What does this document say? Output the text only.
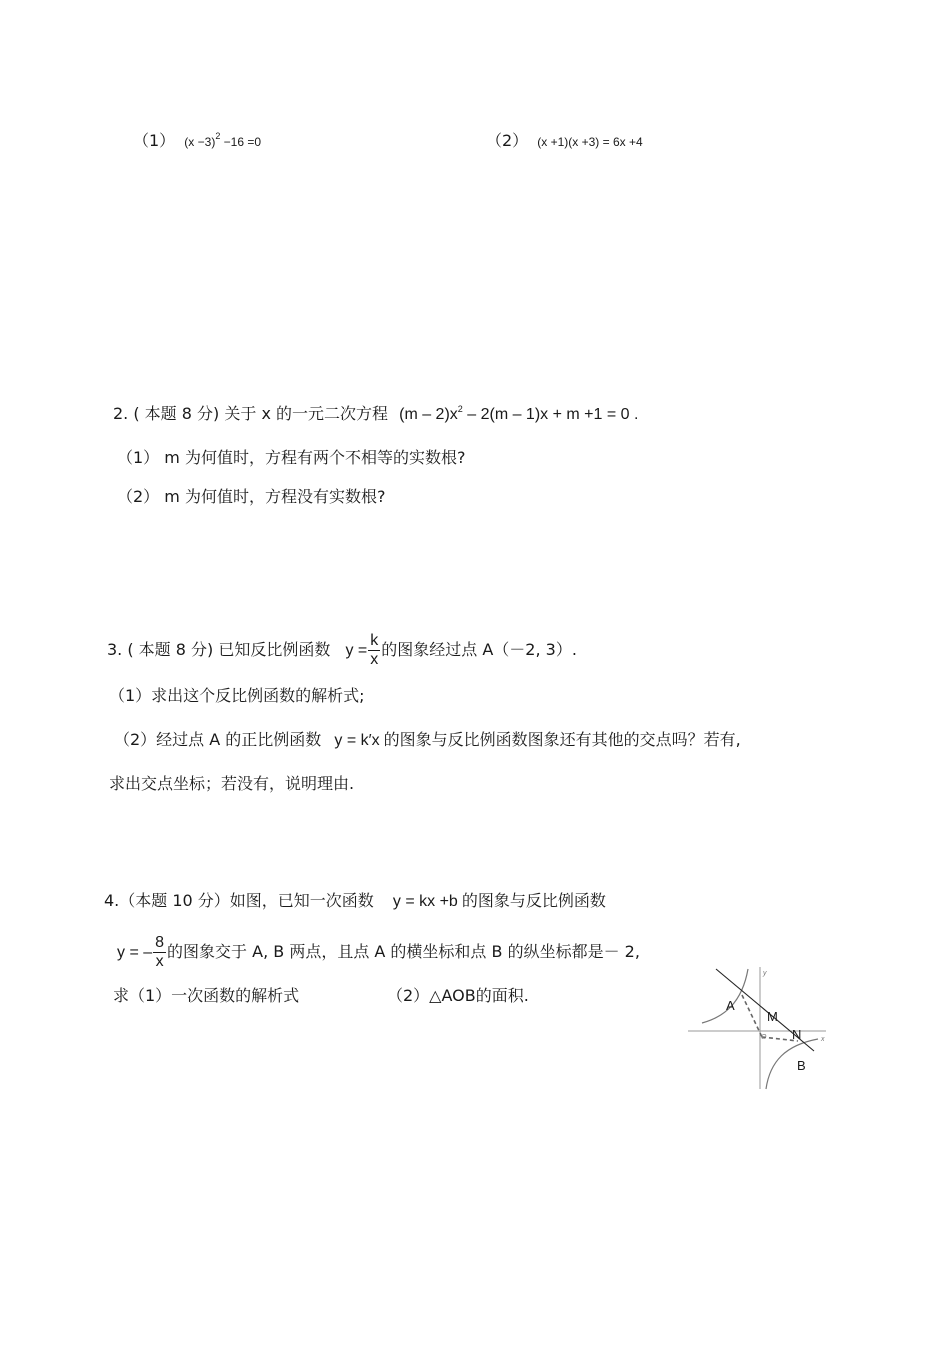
（1） $(x -3)^2 -16 =0$	（2） (x +1)(x +3) = 6x +4
2. ( 本题 8 分) 关于 x 的一元二次方程 $(m - 2)x^2 - 2(m - 1)x + m +1 = 0$ .
（1） m 为何值时，方程有两个不相等的实数根?
（2） m 为何值时，方程没有实数根?
3. ( 本题 8 分) 已知反比例函数 $y = \frac{k}{x}$ 的图象经过点 A（－2, 3）.
（1）求出这个反比例函数的解析式;
（2）经过点 A 的正比例函数 y = k′x 的图象与反比例函数图象还有其他的交点吗？若有,
求出交点坐标；若没有，说明理由.
4.（本题 10 分）如图，已知一次函数 y = kx +b 的图象与反比例函数
y = – $\frac{8}{x}$ 的图象交于 A, B 两点，且点 A 的横坐标和点 B 的纵坐标都是－ 2,
求（1）一次函数的解析式	（2）△AOB的面积.
A
M
N
B
O	x
y
